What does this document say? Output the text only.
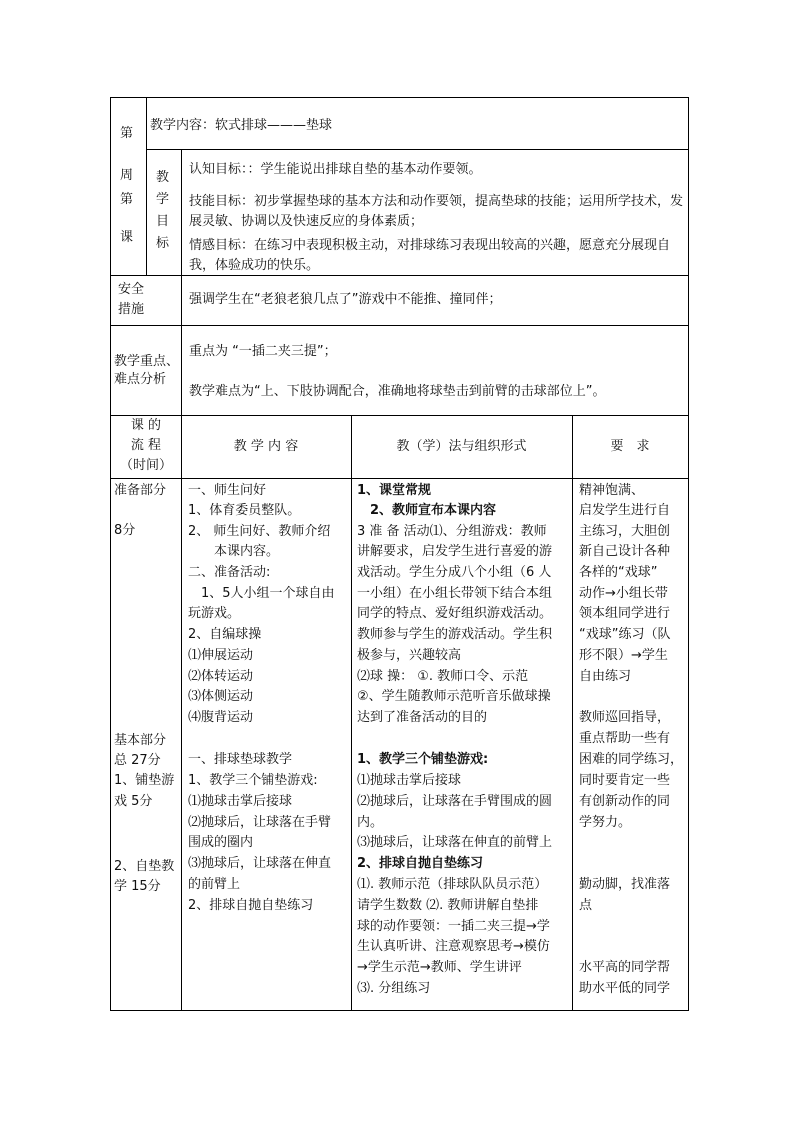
第
周
第
课
教学内容：软式排球———垫球
教
学
目
标
认知目标：：学生能说出排球自垫的基本动作要领。
技能目标：初步掌握垫球的基本方法和动作要领，提高垫球的技能；运用所学技术，发展灵敏、协调以及快速反应的身体素质；
情感目标：在练习中表现积极主动，对排球练习表现出较高的兴趣，愿意充分展现自我，体验成功的快乐。
安全
措施
强调学生在“老狼老狼几点了”游戏中不能推、撞同伴；
教学重点、
难点分析
重点为 “一插二夹三提”；
教学难点为“上、下肢协调配合，准确地将球垫击到前臂的击球部位上”。
课 的
流 程
（时间）
教 学 内 容	教（学）法与组织形式	要　求
准备部分
8分
基本部分
总 27分
1、铺垫游
戏 5分
2、自垫教
学 15分
一、师生问好
1、体育委员整队。
2、 师生问好、教师介绍
　　本课内容。
二、准备活动:
　1、5人小组一个球自由
玩游戏。
2、自编球操
⑴伸展运动
⑵体转运动
⑶体侧运动
⑷腹背运动
一、排球垫球教学
1、教学三个铺垫游戏:
⑴抛球击掌后接球
⑵抛球后，让球落在手臂
围成的圈内
⑶抛球后，让球落在伸直
的前臂上
2、排球自抛自垫练习
1、课堂常规
　2、教师宣布本课内容
3 准 备 活动⑴、分组游戏：教师
讲解要求，启发学生进行喜爱的游
戏活动。学生分成八个小组（6 人
一小组）在小组长带领下结合本组
同学的特点、爱好组织游戏活动。
教师参与学生的游戏活动。学生积
极参与，兴趣较高
⑵球 操： ①. 教师口令、示范
②、学生随教师示范听音乐做球操
达到了准备活动的目的
1、教学三个铺垫游戏:
⑴抛球击掌后接球
⑵抛球后，让球落在手臂围成的圆
内。
⑶抛球后，让球落在伸直的前臂上
2、排球自抛自垫练习
⑴. 教师示范（排球队队员示范）
请学生数数 ⑵. 教师讲解自垫排
球的动作要领：一插二夹三提→学
生认真听讲、注意观察思考→模仿
→学生示范→教师、学生讲评
⑶. 分组练习
精神饱满、
启发学生进行自
主练习，大胆创
新自己设计各种
各样的“戏球”
动作→小组长带
领本组同学进行
“戏球”练习（队
形不限）→学生
自由练习
教师巡回指导，
重点帮助一些有
困难的同学练习，
同时要肯定一些
有创新动作的同
学努力。
勤动脚，找准落
点
水平高的同学帮
助水平低的同学
